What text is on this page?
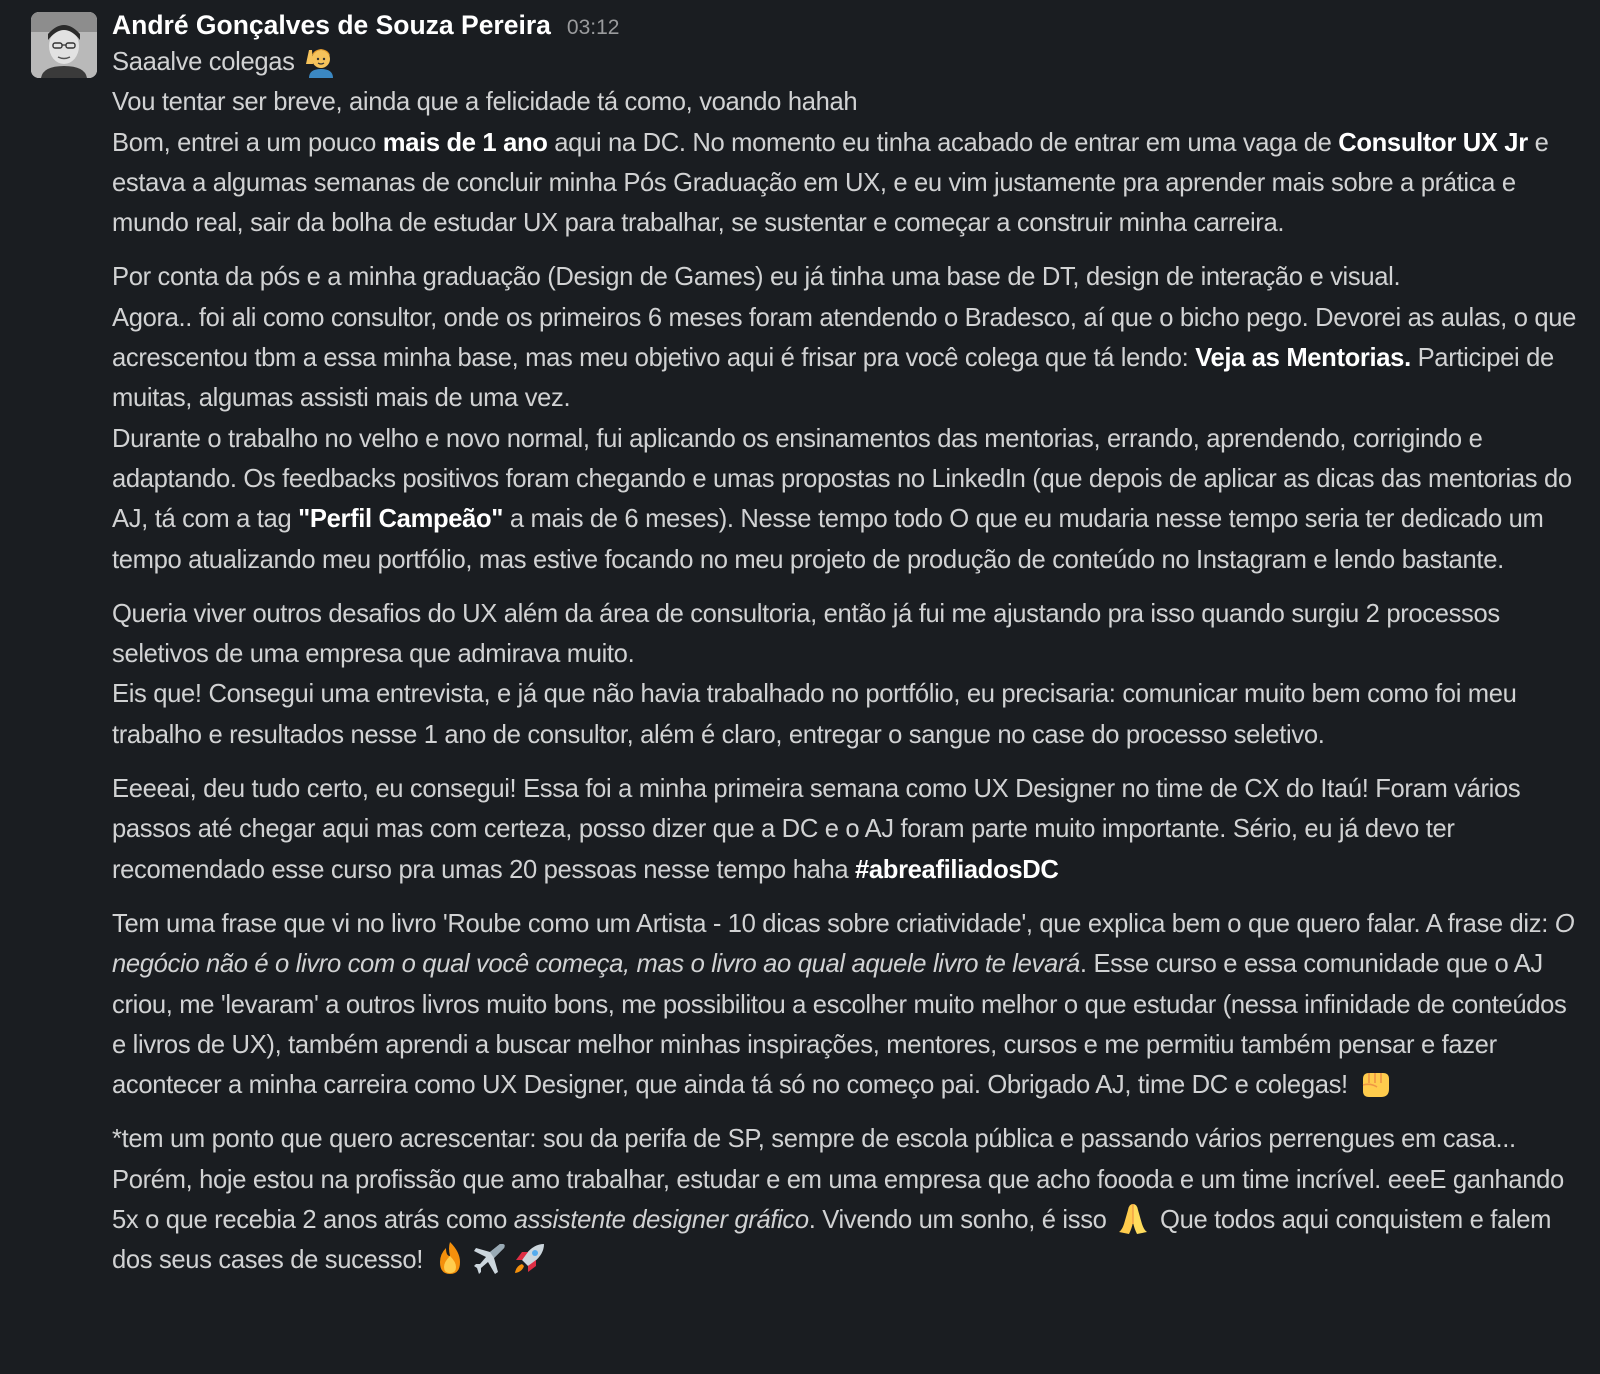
André Gonçalves de Souza Pereira 03:12
Saaalve colegas
Vou tentar ser breve, ainda que a felicidade tá como, voando hahah
Bom, entrei a um pouco mais de 1 ano aqui na DC. No momento eu tinha acabado de entrar em uma vaga de Consultor UX Jr e estava a algumas semanas de concluir minha Pós Graduação em UX, e eu vim justamente pra aprender mais sobre a prática e mundo real, sair da bolha de estudar UX para trabalhar, se sustentar e começar a construir minha carreira.
Por conta da pós e a minha graduação (Design de Games) eu já tinha uma base de DT, design de interação e visual.
Agora.. foi ali como consultor, onde os primeiros 6 meses foram atendendo o Bradesco, aí que o bicho pego. Devorei as aulas, o que acrescentou tbm a essa minha base, mas meu objetivo aqui é frisar pra você colega que tá lendo: Veja as Mentorias. Participei de muitas, algumas assisti mais de uma vez.
Durante o trabalho no velho e novo normal, fui aplicando os ensinamentos das mentorias, errando, aprendendo, corrigindo e adaptando. Os feedbacks positivos foram chegando e umas propostas no LinkedIn (que depois de aplicar as dicas das mentorias do AJ, tá com a tag "Perfil Campeão" a mais de 6 meses). Nesse tempo todo O que eu mudaria nesse tempo seria ter dedicado um tempo atualizando meu portfólio, mas estive focando no meu projeto de produção de conteúdo no Instagram e lendo bastante.
Queria viver outros desafios do UX além da área de consultoria, então já fui me ajustando pra isso quando surgiu 2 processos seletivos de uma empresa que admirava muito.
Eis que! Consegui uma entrevista, e já que não havia trabalhado no portfólio, eu precisaria: comunicar muito bem como foi meu trabalho e resultados nesse 1 ano de consultor, além é claro, entregar o sangue no case do processo seletivo.
Eeeeai, deu tudo certo, eu consegui! Essa foi a minha primeira semana como UX Designer no time de CX do Itaú! Foram vários passos até chegar aqui mas com certeza, posso dizer que a DC e o AJ foram parte muito importante. Sério, eu já devo ter recomendado esse curso pra umas 20 pessoas nesse tempo haha #abreafiliadosDC
Tem uma frase que vi no livro 'Roube como um Artista - 10 dicas sobre criatividade', que explica bem o que quero falar. A frase diz: O negócio não é o livro com o qual você começa, mas o livro ao qual aquele livro te levará. Esse curso e essa comunidade que o AJ criou, me 'levaram' a outros livros muito bons, me possibilitou a escolher muito melhor o que estudar (nessa infinidade de conteúdos e livros de UX), também aprendi a buscar melhor minhas inspirações, mentores, cursos e me permitiu também pensar e fazer acontecer a minha carreira como UX Designer, que ainda tá só no começo pai. Obrigado AJ, time DC e colegas!
*tem um ponto que quero acrescentar: sou da perifa de SP, sempre de escola pública e passando vários perrengues em casa... Porém, hoje estou na profissão que amo trabalhar, estudar e em uma empresa que acho foooda e um time incrível. eeeE ganhando 5x o que recebia 2 anos atrás como assistente designer gráfico. Vivendo um sonho, é isso
Que todos aqui conquistem e falem dos seus cases de sucesso!
